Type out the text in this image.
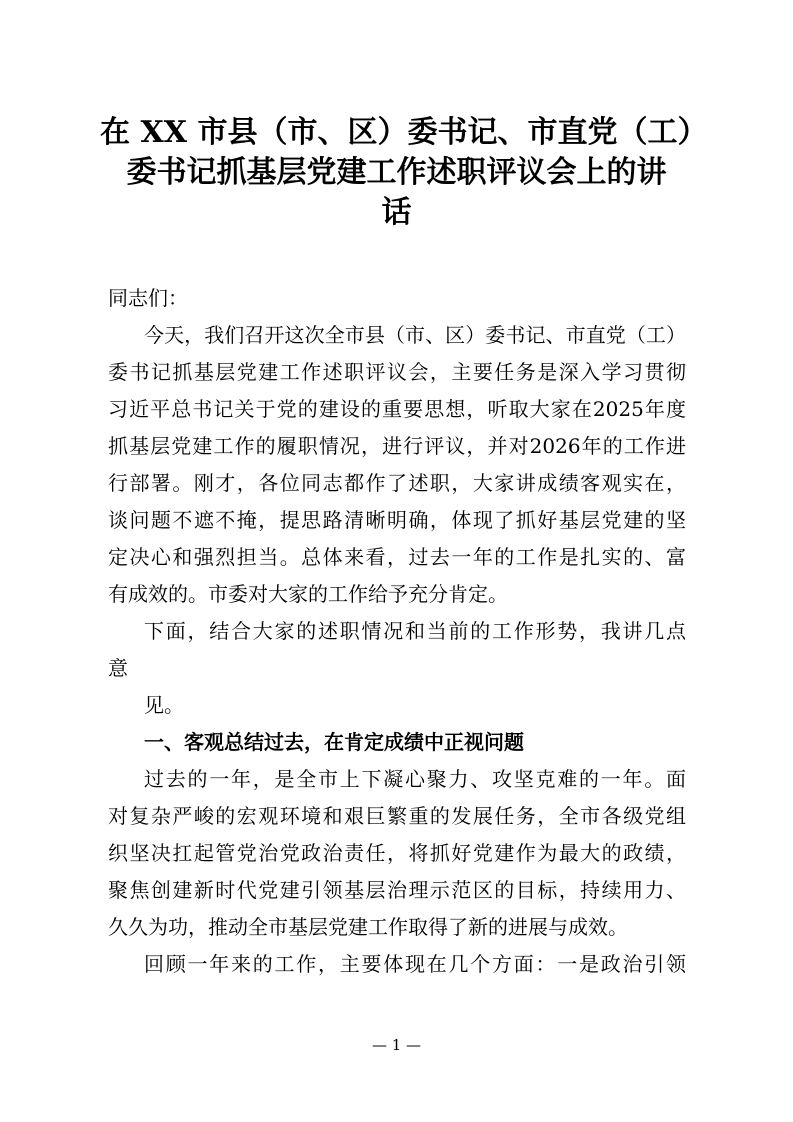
在 XX 市县（市、区）委书记、市直党（工）
委书记抓基层党建工作述职评议会上的讲
话
同志们：
今天，我们召开这次全市县（市、区）委书记、市直党（工）
委书记抓基层党建工作述职评议会，主要任务是深入学习贯彻
习近平总书记关于党的建设的重要思想，听取大家在2025年度
抓基层党建工作的履职情况，进行评议，并对2026年的工作进
行部署。刚才，各位同志都作了述职，大家讲成绩客观实在，
谈问题不遮不掩，提思路清晰明确，体现了抓好基层党建的坚
定决心和强烈担当。总体来看，过去一年的工作是扎实的、富
有成效的。市委对大家的工作给予充分肯定。
下面，结合大家的述职情况和当前的工作形势，我讲几点
意
见。
一、客观总结过去，在肯定成绩中正视问题
过去的一年，是全市上下凝心聚力、攻坚克难的一年。面
对复杂严峻的宏观环境和艰巨繁重的发展任务，全市各级党组
织坚决扛起管党治党政治责任，将抓好党建作为最大的政绩，
聚焦创建新时代党建引领基层治理示范区的目标，持续用力、
久久为功，推动全市基层党建工作取得了新的进展与成效。
回顾一年来的工作，主要体现在几个方面：一是政治引领
— 1 —
